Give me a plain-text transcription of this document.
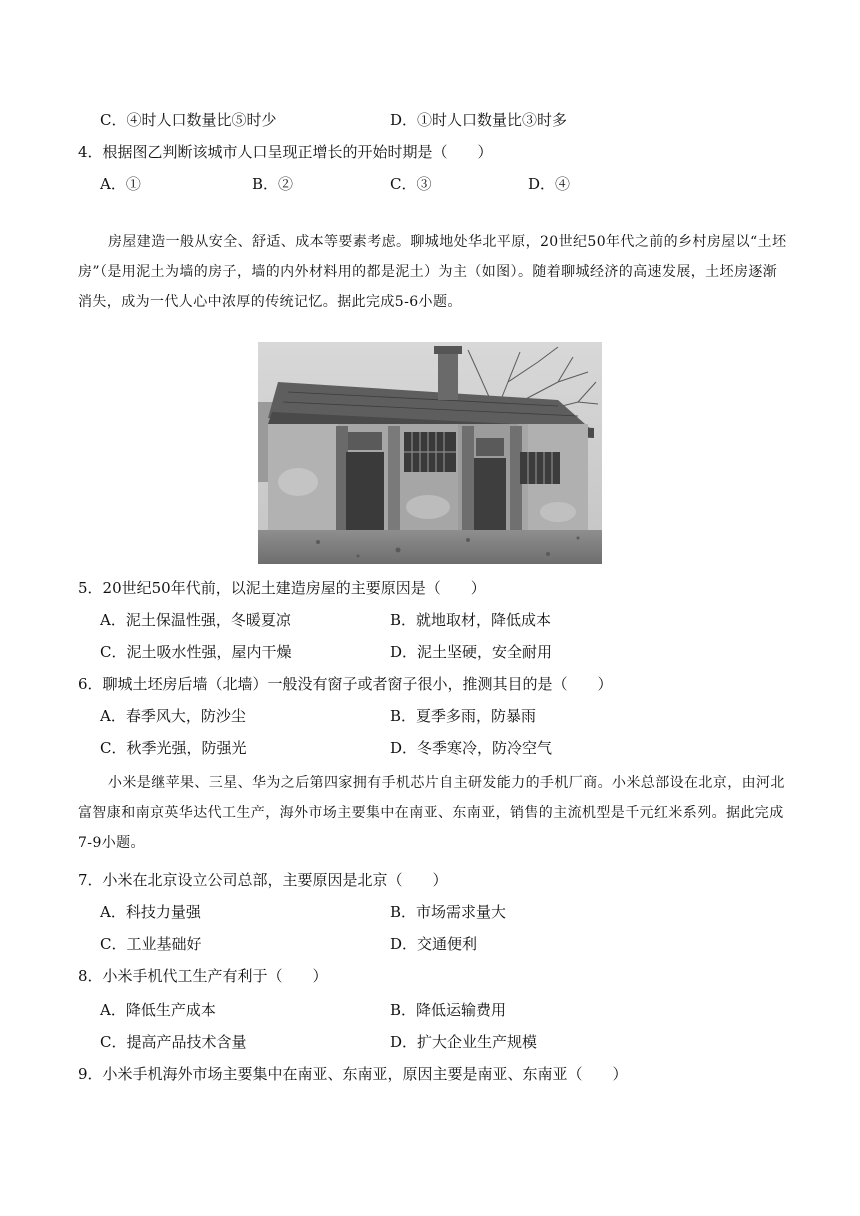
C．④时人口数量比⑤时少	D．①时人口数量比③时多
4．根据图乙判断该城市人口呈现正增长的开始时期是（　　）
A．①	B．②	C．③	D．④
房屋建造一般从安全、舒适、成本等要素考虑。聊城地处华北平原，20世纪50年代之前的乡村房屋以“土坯房”（是用泥土为墙的房子，墙的内外材料用的都是泥土）为主（如图）。随着聊城经济的高速发展，土坯房逐渐消失，成为一代人心中浓厚的传统记忆。据此完成5-6小题。
5．20世纪50年代前，以泥土建造房屋的主要原因是（　　）
A．泥土保温性强，冬暖夏凉	B．就地取材，降低成本
C．泥土吸水性强，屋内干燥	D．泥土坚硬，安全耐用
6．聊城土坯房后墙（北墙）一般没有窗子或者窗子很小，推测其目的是（　　）
A．春季风大，防沙尘	B．夏季多雨，防暴雨
C．秋季光强，防强光	D．冬季寒冷，防冷空气
小米是继苹果、三星、华为之后第四家拥有手机芯片自主研发能力的手机厂商。小米总部设在北京，由河北富智康和南京英华达代工生产，海外市场主要集中在南亚、东南亚，销售的主流机型是千元红米系列。据此完成7-9小题。
7．小米在北京设立公司总部，主要原因是北京（　　）
A．科技力量强	B．市场需求量大
C．工业基础好	D．交通便利
8．小米手机代工生产有利于（　　）
A．降低生产成本	B．降低运输费用
C．提高产品技术含量	D．扩大企业生产规模
9．小米手机海外市场主要集中在南亚、东南亚，原因主要是南亚、东南亚（　　）
